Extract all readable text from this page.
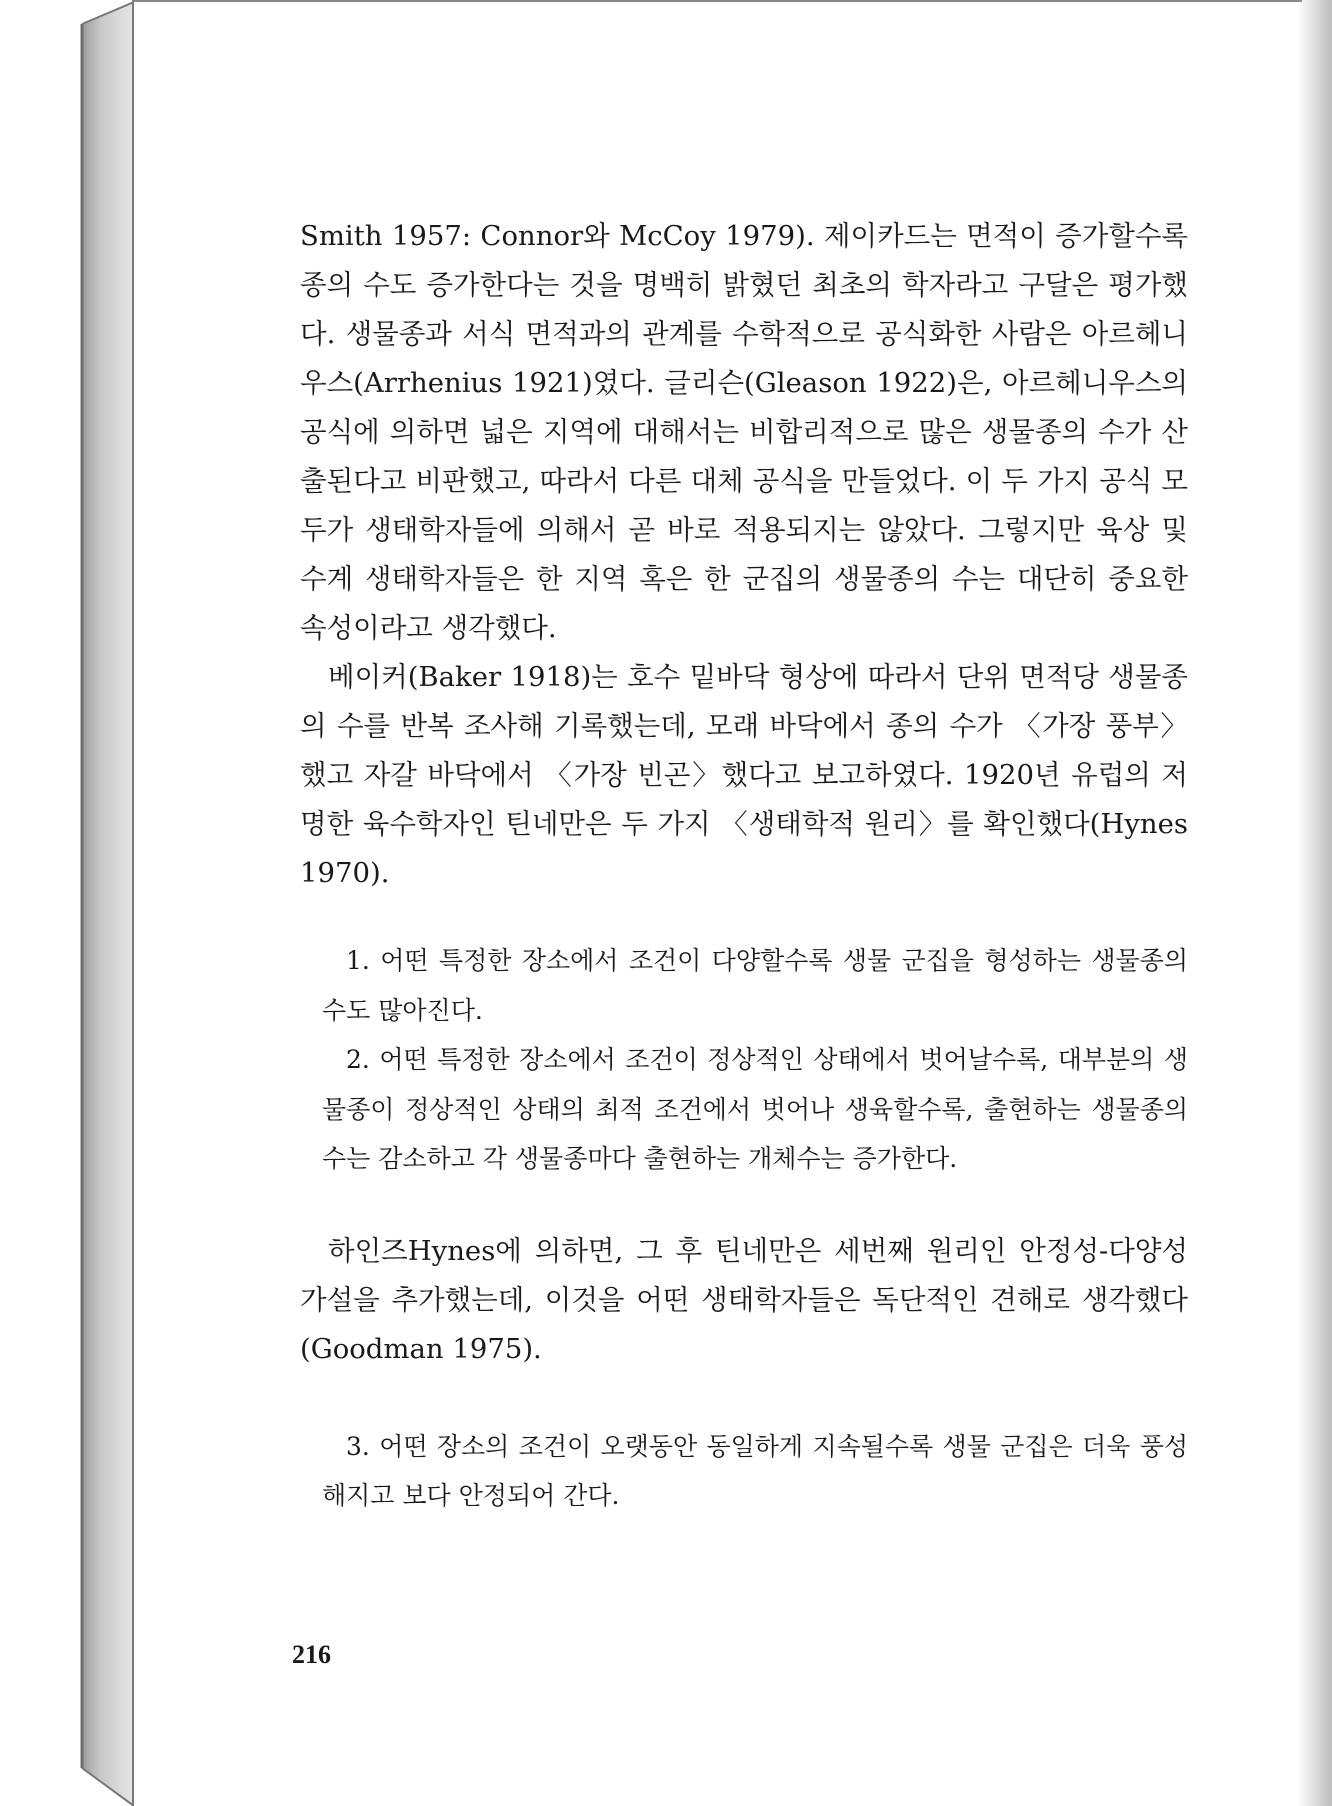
Smith 1957: Connor와 McCoy 1979). 제이카드는 면적이 증가할수록 종의 수도 증가한다는 것을 명백히 밝혔던 최초의 학자라고 구달은 평가했다. 생물종과 서식 면적과의 관계를 수학적으로 공식화한 사람은 아르헤니우스(Arrhenius 1921)였다. 글리슨(Gleason 1922)은, 아르헤니우스의 공식에 의하면 넓은 지역에 대해서는 비합리적으로 많은 생물종의 수가 산출된다고 비판했고, 따라서 다른 대체 공식을 만들었다. 이 두 가지 공식 모두가 생태학자들에 의해서 곧 바로 적용되지는 않았다. 그렇지만 육상 및 수계 생태학자들은 한 지역 혹은 한 군집의 생물종의 수는 대단히 중요한 속성이라고 생각했다.

베이커(Baker 1918)는 호수 밑바닥 형상에 따라서 단위 면적당 생물종의 수를 반복 조사해 기록했는데, 모래 바닥에서 종의 수가 〈가장 풍부〉했고 자갈 바닥에서 〈가장 빈곤〉했다고 보고하였다. 1920년 유럽의 저명한 육수학자인 틴네만은 두 가지 〈생태학적 원리〉를 확인했다(Hynes 1970).

1. 어떤 특정한 장소에서 조건이 다양할수록 생물 군집을 형성하는 생물종의 수도 많아진다.

2. 어떤 특정한 장소에서 조건이 정상적인 상태에서 벗어날수록, 대부분의 생물종이 정상적인 상태의 최적 조건에서 벗어나 생육할수록, 출현하는 생물종의 수는 감소하고 각 생물종마다 출현하는 개체수는 증가한다.

하인즈Hynes에 의하면, 그 후 틴네만은 세번째 원리인 안정성-다양성 가설을 추가했는데, 이것을 어떤 생태학자들은 독단적인 견해로 생각했다(Goodman 1975).

3. 어떤 장소의 조건이 오랫동안 동일하게 지속될수록 생물 군집은 더욱 풍성해지고 보다 안정되어 간다.

216
